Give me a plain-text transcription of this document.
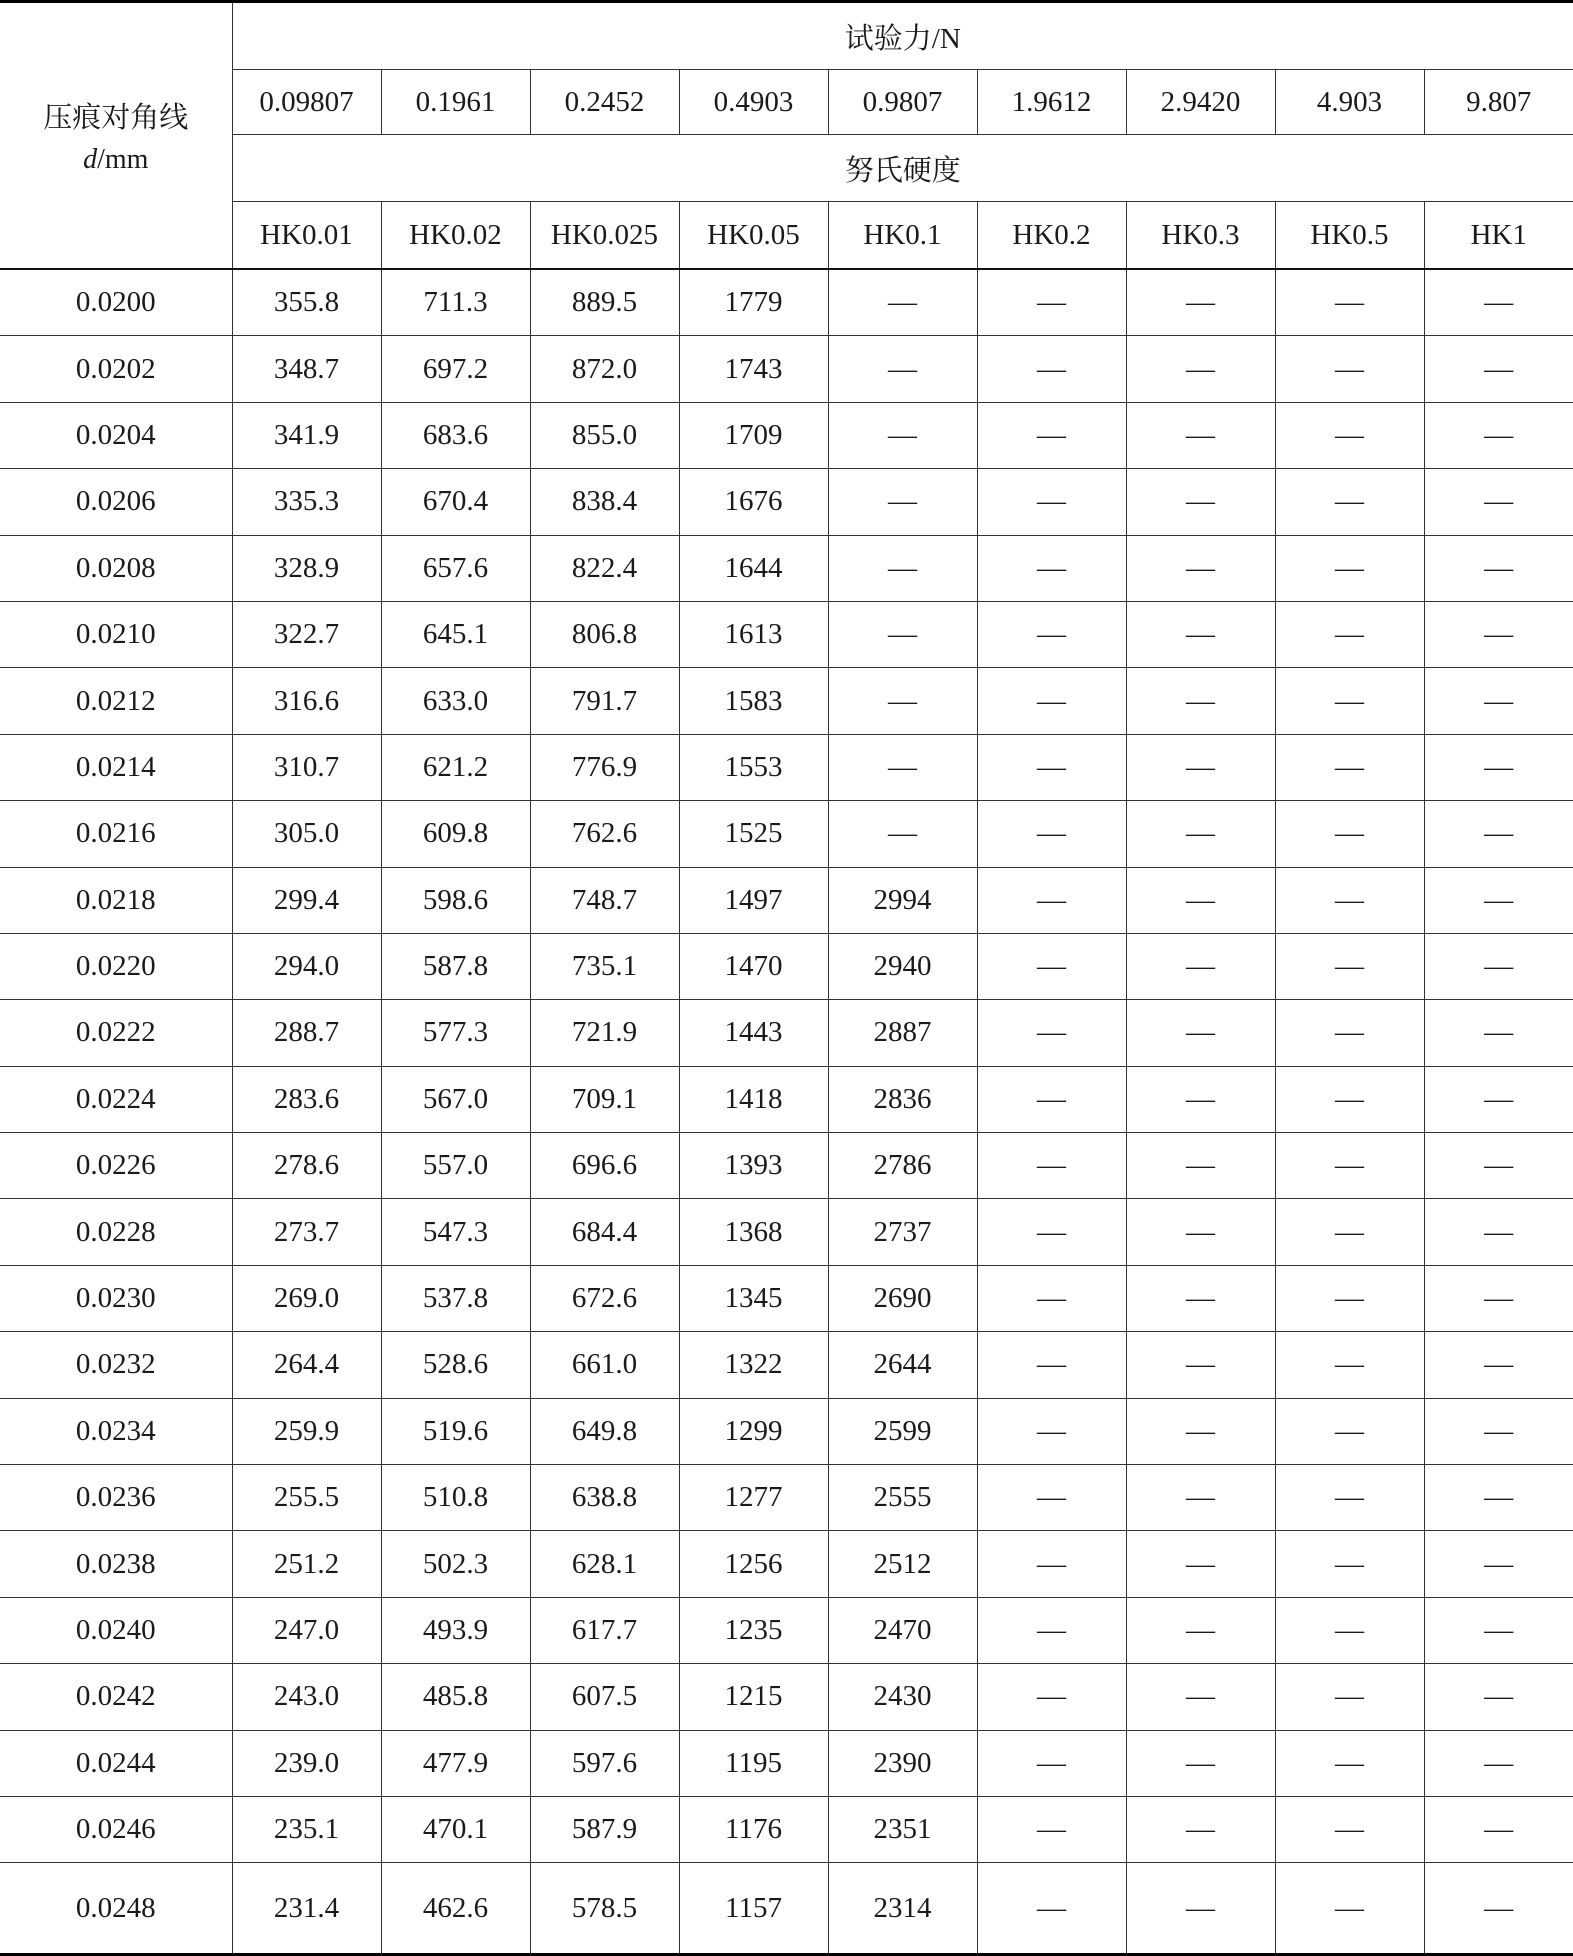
压痕对角线
d/mm	试验力/N								
	0.09807	0.1961	0.2452	0.4903	0.9807	1.9612	2.9420	4.903	9.807
	努氏硬度								
	HK0.01	HK0.02	HK0.025	HK0.05	HK0.1	HK0.2	HK0.3	HK0.5	HK1
0.0200	355.8	711.3	889.5	1779	—	—	—	—	—
0.0202	348.7	697.2	872.0	1743	—	—	—	—	—
0.0204	341.9	683.6	855.0	1709	—	—	—	—	—
0.0206	335.3	670.4	838.4	1676	—	—	—	—	—
0.0208	328.9	657.6	822.4	1644	—	—	—	—	—
0.0210	322.7	645.1	806.8	1613	—	—	—	—	—
0.0212	316.6	633.0	791.7	1583	—	—	—	—	—
0.0214	310.7	621.2	776.9	1553	—	—	—	—	—
0.0216	305.0	609.8	762.6	1525	—	—	—	—	—
0.0218	299.4	598.6	748.7	1497	2994	—	—	—	—
0.0220	294.0	587.8	735.1	1470	2940	—	—	—	—
0.0222	288.7	577.3	721.9	1443	2887	—	—	—	—
0.0224	283.6	567.0	709.1	1418	2836	—	—	—	—
0.0226	278.6	557.0	696.6	1393	2786	—	—	—	—
0.0228	273.7	547.3	684.4	1368	2737	—	—	—	—
0.0230	269.0	537.8	672.6	1345	2690	—	—	—	—
0.0232	264.4	528.6	661.0	1322	2644	—	—	—	—
0.0234	259.9	519.6	649.8	1299	2599	—	—	—	—
0.0236	255.5	510.8	638.8	1277	2555	—	—	—	—
0.0238	251.2	502.3	628.1	1256	2512	—	—	—	—
0.0240	247.0	493.9	617.7	1235	2470	—	—	—	—
0.0242	243.0	485.8	607.5	1215	2430	—	—	—	—
0.0244	239.0	477.9	597.6	1195	2390	—	—	—	—
0.0246	235.1	470.1	587.9	1176	2351	—	—	—	—
0.0248	231.4	462.6	578.5	1157	2314	—	—	—	—
